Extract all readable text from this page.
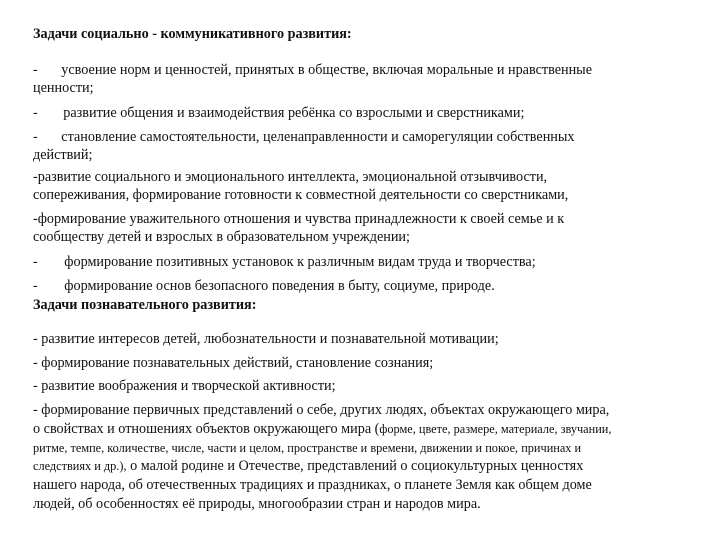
Задачи социально - коммуникативного развития:
- усвоение норм и ценностей, принятых в обществе, включая моральные и нравственные
ценности;
- развитие общения и взаимодействия ребёнка со взрослыми и сверстниками;
- становление самостоятельности, целенаправленности и саморегуляции собственных
действий;
-развитие социального и эмоционального интеллекта, эмоциональной отзывчивости,
сопереживания, формирование готовности к совместной деятельности со сверстниками,
-формирование уважительного отношения и чувства принадлежности к своей семье и к
сообществу детей и взрослых в образовательном учреждении;
- формирование позитивных установок к различным видам труда и творчества;
- формирование основ безопасного поведения в быту, социуме, природе.
Задачи познавательного развития:
- развитие интересов детей, любознательности и познавательной мотивации;
- формирование познавательных действий, становление сознания;
- развитие воображения и творческой активности;
- формирование первичных представлений о себе, других людях, объектах окружающего мира,
о свойствах и отношениях объектов окружающего мира (форме, цвете, размере, материале, звучании,
ритме, темпе, количестве, числе, части и целом, пространстве и времени, движении и покое, причинах и
следствиях и др.), о малой родине и Отечестве, представлений о социокультурных ценностях
нашего народа, об отечественных традициях и праздниках, о планете Земля как общем доме
людей, об особенностях её природы, многообразии стран и народов мира.
